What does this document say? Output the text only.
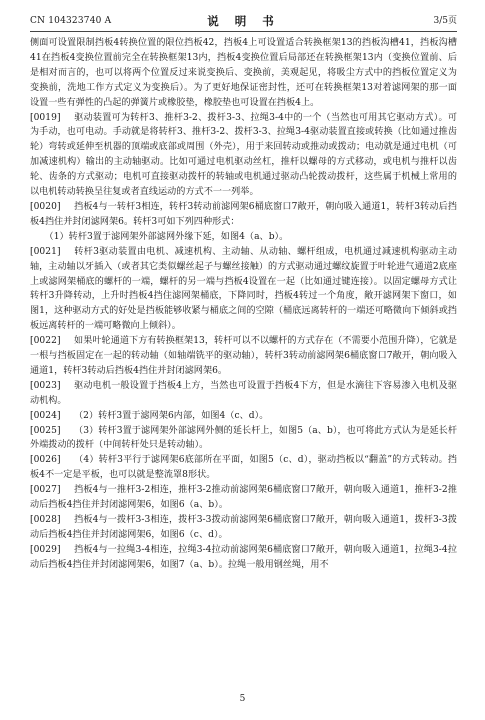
CN 104323740 A	说 明 书	3/5页

侧面可设置限制挡板4转换位置的限位挡板42，挡板4上可设置适合转换框架13的挡板沟槽41，挡板沟槽41在挡板4变换位置前完全在转换框架13内，挡板4变换位置后局部还在转换框架13内（变换位置前、后是相对而言的，也可以将两个位置反过来说变换后、变换前，美观起见，将吸尘方式中的挡板位置定义为变换前，洗地工作方式定义为变换后）。为了更好地保证密封性，还可在转换框架13对着滤网架的那一面设置一些有弹性的凸起的弹簧片或橡胶垫，橡胶垫也可设置在挡板4上。

[0019] 驱动装置可为转杆3、推杆3-2、拨杆3-3、拉绳3-4中的一个（当然也可用其它驱动方式）。可为手动，也可电动。手动就是将转杆3、推杆3-2、拨杆3-3、拉绳3-4驱动装置直接或转换（比如通过推齿轮）弯转或延伸至机器的顶端或底部或周围（外壳），用于来回转动或推动或拨动；电动就是通过电机（可加减速机构）输出的主动轴驱动。比如可通过电机驱动丝杠，推杆以螺母的方式移动，或电机与推杆以齿轮、齿条的方式驱动；电机可直接驱动拨杆的转轴或电机通过驱动凸轮拨动拨杆，这些属于机械上常用的以电机转动转换呈往复或者直线运动的方式不一一列举。

[0020] 挡板4与一转杆3相连，转杆3转动前滤网架6桶底窗口7敞开，朝向吸入通道1，转杆3转动后挡板4挡住并封闭滤网架6。转杆3可如下列四种形式：

（1）转杆3置于滤网架外部滤网外缘下延，如图4（a、b）。

[0021] 转杆3驱动装置由电机、减速机构、主动轴、从动轴、螺杆组成，电机通过减速机构驱动主动轴，主动轴以牙插入（或者其它类似螺丝起子与螺丝接触）的方式驱动通过螺纹旋置于叶轮进气通道2底座上或滤网架桶底的螺杆的一端，螺杆的另一端与挡板4设置在一起（比如通过键连接）。以固定螺母方式让转杆3升降转动，上升时挡板4挡住滤网架桶底，下降同时，挡板4转过一个角度，敞开滤网架下窗口，如图1，这种驱动方式的好处是挡板能够收紧与桶底之间的空隙（桶底远离转杆的一端还可略微向下倾斜或挡板远离转杆的一端可略微向上倾斜）。

[0022] 如果叶轮通道下方有转换框架13，转杆可以不以螺杆的方式存在（不需要小范围升降），它就是一根与挡板固定在一起的转动轴（如轴端铣平的驱动轴），转杆3转动前滤网架6桶底窗口7敞开，朝向吸入通道1，转杆3转动后挡板4挡住并封闭滤网架6。

[0023] 驱动电机一般设置于挡板4上方，当然也可设置于挡板4下方，但是水滴往下容易渗入电机及驱动机构。

[0024] （2）转杆3置于滤网架6内部，如图4（c、d）。

[0025] （3）转杆3置于滤网架外部滤网外侧的延长杆上，如图5（a、b），也可将此方式认为是延长杆外端拨动的拨杆（中间转杆处只是转动轴）。

[0026] （4）转杆3平行于滤网架6底部所在平面，如图5（c、d），驱动挡板以“翻盖”的方式转动。挡板4不一定是平板，也可以就是整流罩8形状。

[0027] 挡板4与一推杆3-2相连，推杆3-2推动前滤网架6桶底窗口7敞开，朝向吸入通道1，推杆3-2推动后挡板4挡住并封闭滤网架6，如图6（a、b）。

[0028] 挡板4与一拨杆3-3相连，拨杆3-3拨动前滤网架6桶底窗口7敞开，朝向吸入通道1，拨杆3-3拨动后挡板4挡住并封闭滤网架6，如图6（c、d）。

[0029] 挡板4与一拉绳3-4相连，拉绳3-4拉动前滤网架6桶底窗口7敞开，朝向吸入通道1，拉绳3-4拉动后挡板4挡住并封闭滤网架6，如图7（a、b）。拉绳一般用钢丝绳，用不

5
